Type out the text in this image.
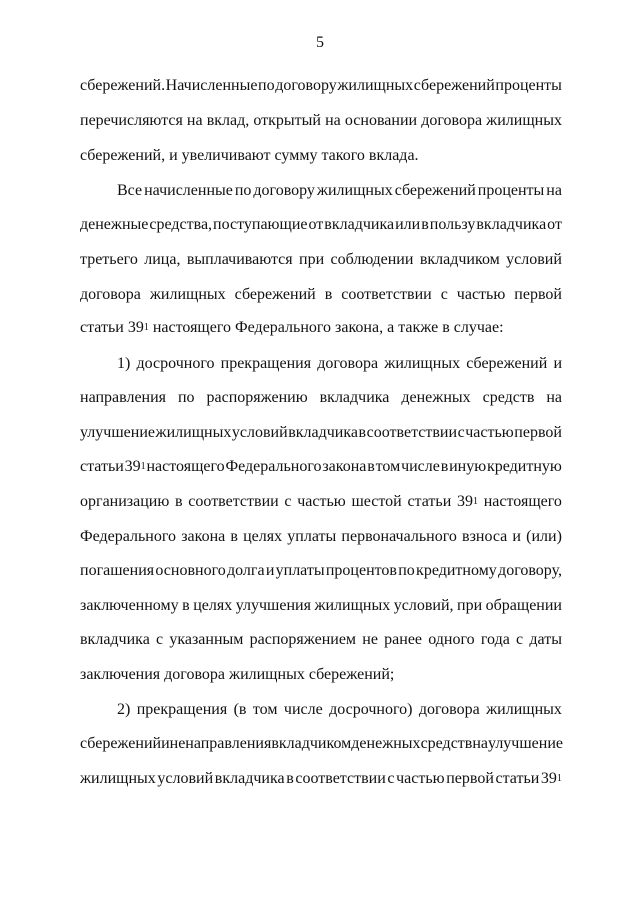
5
сбережений. Начисленные по договору жилищных сбережений проценты
перечисляются на вклад, открытый на основании договора жилищных
сбережений, и увеличивают сумму такого вклада.
Все начисленные по договору жилищных сбережений проценты на
денежные средства, поступающие от вкладчика или в пользу вкладчика от
третьего лица, выплачиваются при соблюдении вкладчиком условий
договора жилищных сбережений в соответствии с частью первой
статьи $39^1$ настоящего Федерального закона, а также в случае:
1) досрочного прекращения договора жилищных сбережений и
направления по распоряжению вкладчика денежных средств на
улучшение жилищных условий вкладчика в соответствии с частью первой
статьи $39^1$ настоящего Федерального закона в том числе в иную кредитную
организацию в соответствии с частью шестой статьи $39^1$ настоящего
Федерального закона в целях уплаты первоначального взноса и (или)
погашения основного долга и уплаты процентов по кредитному договору,
заключенному в целях улучшения жилищных условий, при обращении
вкладчика с указанным распоряжением не ранее одного года с даты
заключения договора жилищных сбережений;
2) прекращения (в том числе досрочного) договора жилищных
сбережений и ненаправления вкладчиком денежных средств на улучшение
жилищных условий вкладчика в соответствии с частью первой статьи $39^1$
